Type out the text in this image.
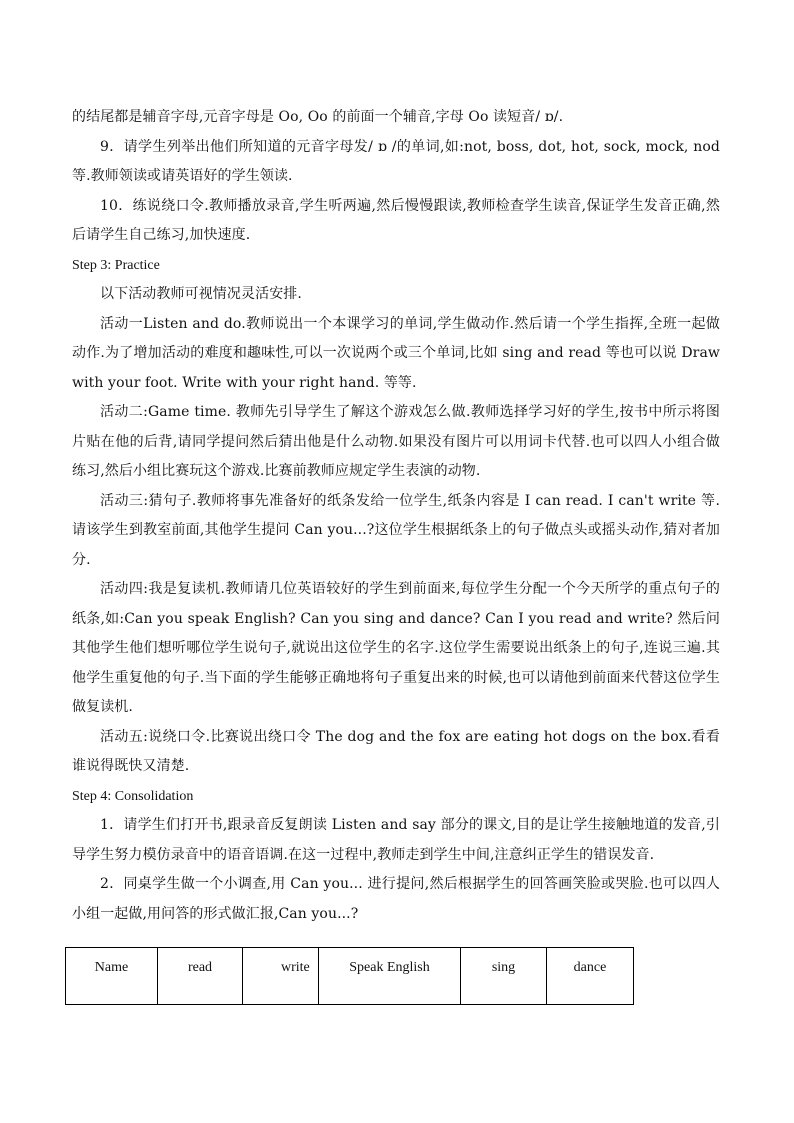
的结尾都是辅音字母,元音字母是 Oo, Oo 的前面一个辅音,字母 Oo 读短音/ ɒ/.

9．请学生列举出他们所知道的元音字母发/ ɒ /的单词,如:not, boss, dot, hot, sock, mock, nod 等.教师领读或请英语好的学生领读.

10．练说绕口令.教师播放录音,学生听两遍,然后慢慢跟读,教师检查学生读音,保证学生发音正确,然后请学生自己练习,加快速度.

Step 3: Practice

以下活动教师可视情况灵活安排.

活动一Listen and do.教师说出一个本课学习的单词,学生做动作.然后请一个学生指挥,全班一起做动作.为了增加活动的难度和趣味性,可以一次说两个或三个单词,比如 sing and read 等也可以说 Draw with your foot. Write with your right hand. 等等.

活动二:Game time. 教师先引导学生了解这个游戏怎么做.教师选择学习好的学生,按书中所示将图片贴在他的后背,请同学提问然后猜出他是什么动物.如果没有图片可以用词卡代替.也可以四人小组合做练习,然后小组比赛玩这个游戏.比赛前教师应规定学生表演的动物.

活动三:猜句子.教师将事先准备好的纸条发给一位学生,纸条内容是 I can read. I can't write 等.请该学生到教室前面,其他学生提问 Can you...?这位学生根据纸条上的句子做点头或摇头动作,猜对者加分.

活动四:我是复读机.教师请几位英语较好的学生到前面来,每位学生分配一个今天所学的重点句子的纸条,如:Can you speak English? Can you sing and dance? Can I you read and write? 然后问其他学生他们想听哪位学生说句子,就说出这位学生的名字.这位学生需要说出纸条上的句子,连说三遍.其他学生重复他的句子.当下面的学生能够正确地将句子重复出来的时候,也可以请他到前面来代替这位学生做复读机.

活动五:说绕口令.比赛说出绕口令 The dog and the fox are eating hot dogs on the box.看看谁说得既快又清楚.

Step 4: Consolidation

1．请学生们打开书,跟录音反复朗读 Listen and say 部分的课文,目的是让学生接触地道的发音,引导学生努力模仿录音中的语音语调.在这一过程中,教师走到学生中间,注意纠正学生的错误发音.

2．同桌学生做一个小调查,用 Can you... 进行提问,然后根据学生的回答画笑脸或哭脸.也可以四人小组一起做,用问答的形式做汇报,Can you...?

Name	read	write	Speak English	sing	dance
